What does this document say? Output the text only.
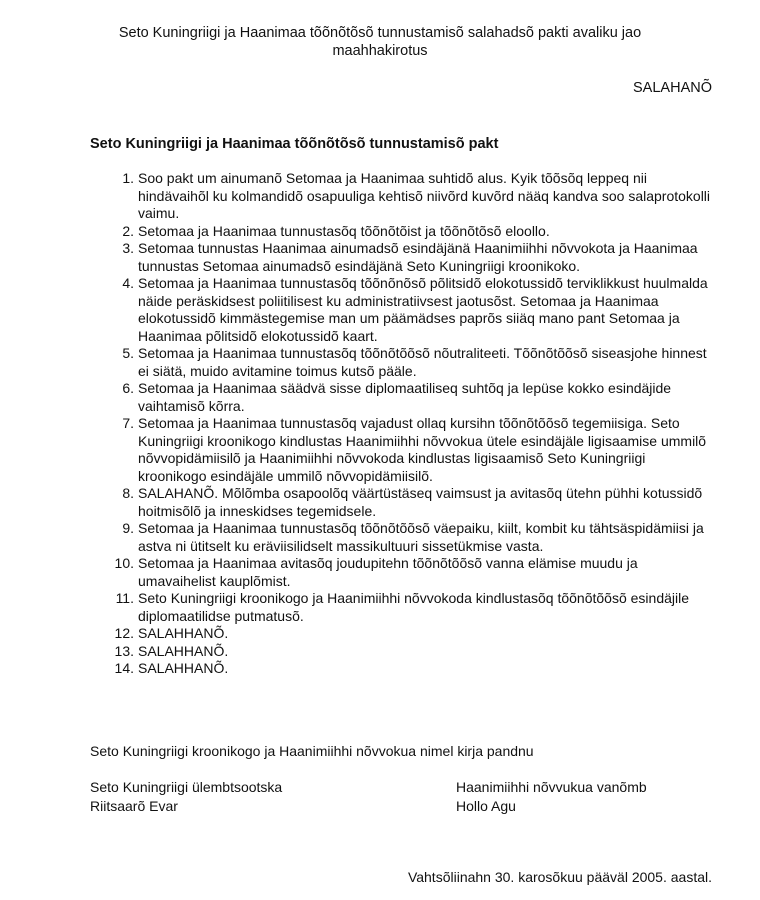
Seto Kuningriigi ja Haanimaa tõõnõtõsõ tunnustamisõ salahadsõ pakti avaliku jao
maahhakirotus
SALAHANÕ
Seto Kuningriigi ja Haanimaa tõõnõtõsõ tunnustamisõ pakt
1. Soo pakt um ainumanõ Setomaa ja Haanimaa suhtidõ alus. Kyik tõõsõq leppeq nii hindävaihõl ku kolmandidõ osapuuliga kehtisõ niivõrd kuvõrd nääq kandva soo salaprotokolli vaimu.
2. Setomaa ja Haanimaa tunnustasõq tõõnõtõist ja tõõnõtõsõ eloollo.
3. Setomaa tunnustas Haanimaa ainumadsõ esindäjänä Haanimiihhi nõvvokota ja Haanimaa tunnustas Setomaa ainumadsõ esindäjänä Seto Kuningriigi kroonikoko.
4. Setomaa ja Haanimaa tunnustasõq tõõnõnõsõ põlitsidõ elokotussidõ terviklikkust huulmalda näide peräskidsest poliitilisest ku administratiivsest jaotusõst. Setomaa ja Haanimaa elokotussidõ kimmästegemise man um päämädses paprõs siiäq mano pant Setomaa ja Haanimaa põlitsidõ elokotussidõ kaart.
5. Setomaa ja Haanimaa tunnustasõq tõõnõtõõsõ nõutraliteeti. Tõõnõtõõsõ siseasjohe hinnest ei siätä, muido avitamine toimus kutsõ pääle.
6. Setomaa ja Haanimaa säädvä sisse diplomaatiliseq suhtõq ja lepüse kokko esindäjide vaihtamisõ kõrra.
7. Setomaa ja Haanimaa tunnustasõq vajadust ollaq kursihn tõõnõtõõsõ tegemiisiga. Seto Kuningriigi kroonikogo kindlustas Haanimiihhi nõvvokua ütele esindäjäle ligisaamise ummilõ nõvvopidämiisilõ ja Haanimiihhi nõvvokoda kindlustas ligisaamisõ Seto Kuningriigi kroonikogo esindäjäle ummilõ nõvvopidämiisilõ.
8. SALAHANÕ. Mõlõmba osapoolõq väärtüstäseq vaimsust ja avitasõq ütehn pühhi kotussidõ hoitmisõlõ ja inneskidses tegemidsele.
9. Setomaa ja Haanimaa tunnustasõq tõõnõtõõsõ väepaiku, kiilt, kombit ku tähtsäspidämiisi ja astva ni ütitselt ku eräviisilidselt massikultuuri sissetükmise vasta.
10. Setomaa ja Haanimaa avitasõq joudupitehn tõõnõtõõsõ vanna elämise muudu ja umavaihelist kauplõmist.
11. Seto Kuningriigi kroonikogo ja Haanimiihhi nõvvokoda kindlustasõq tõõnõtõõsõ esindäjile diplomaatilidse putmatusõ.
12. SALAHHANÕ.
13. SALAHHANÕ.
14. SALAHHANÕ.
Seto Kuningriigi kroonikogo ja Haanimiihhi nõvvokua nimel kirja pandnu
Seto Kuningriigi ülembtsootska
Riitsaarõ Evar
Haanimiihhi nõvvukua vanõmb
Hollo Agu
Vahtsõliinahn 30. karosõkuu pääväl 2005. aastal.
